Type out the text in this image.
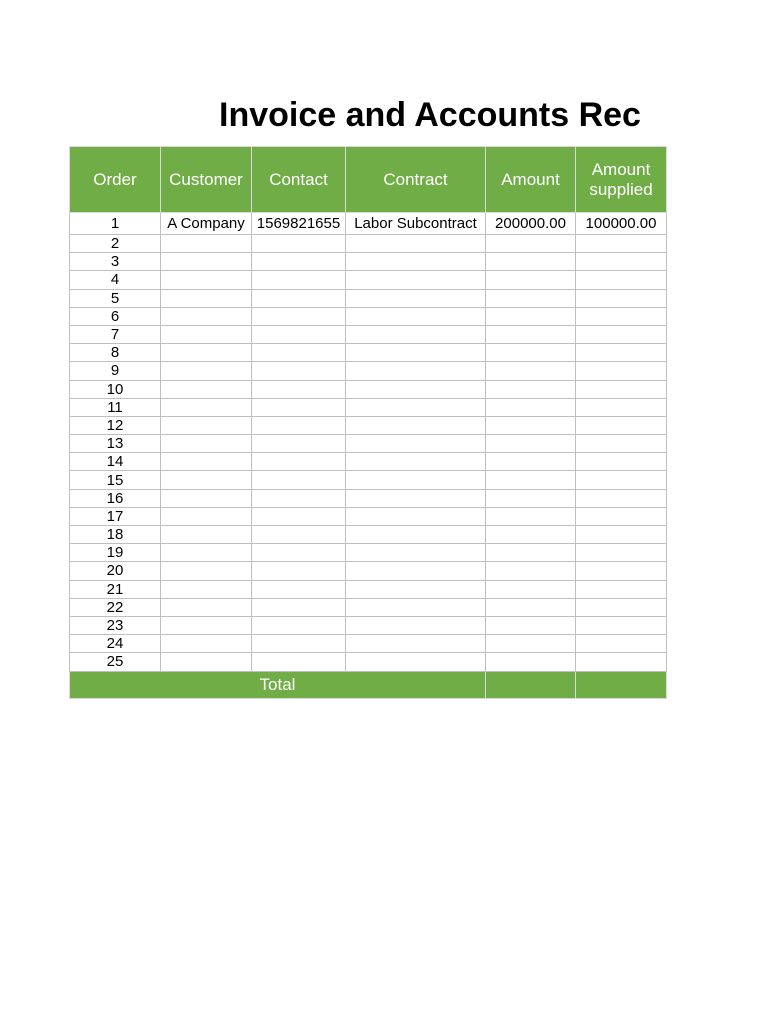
Invoice and Accounts Rec
Order	Customer	Contact	Contract	Amount	Amount supplied

1	A Company	1569821655	Labor Subcontract	200000.00	100000.00
2					
3					
4					
5					
6					
7					
8					
9					
10					
11					
12					
13					
14					
15					
16					
17					
18					
19					
20					
21					
22					
23					
24					
25					
Total					
